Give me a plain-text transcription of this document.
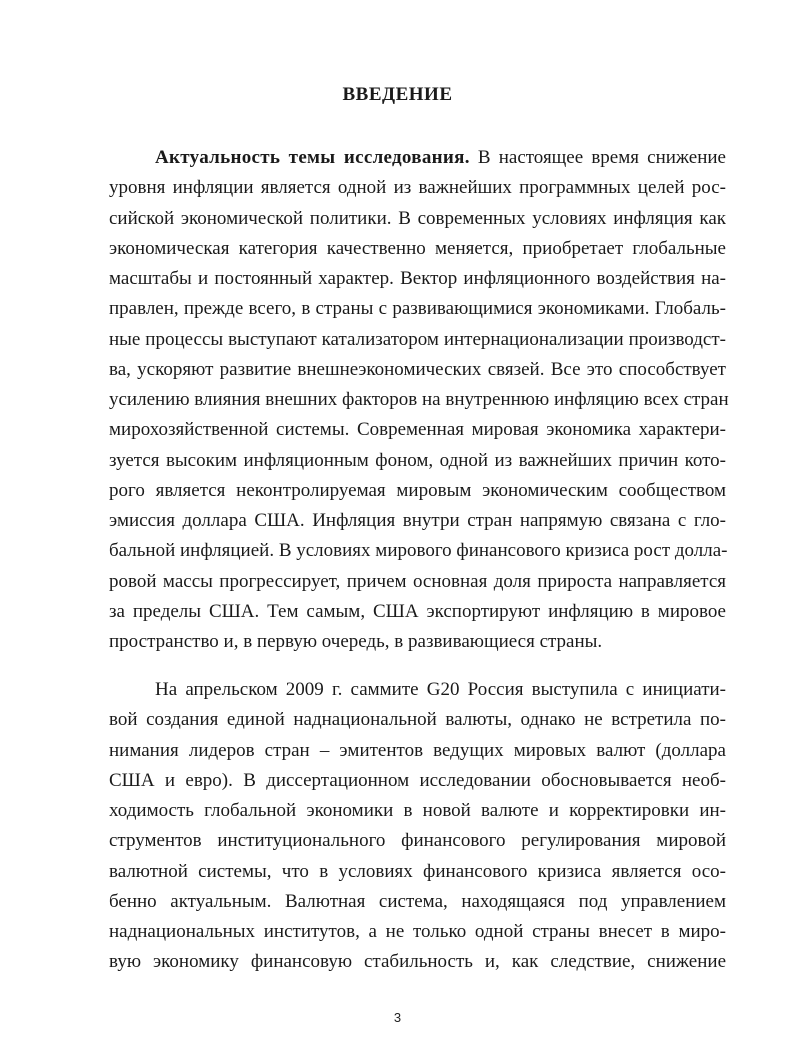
ВВЕДЕНИЕ
Актуальность темы исследования. В настоящее время снижение
уровня инфляции является одной из важнейших программных целей рос-
сийской экономической политики. В современных условиях инфляция как
экономическая категория качественно меняется, приобретает глобальные
масштабы и постоянный характер. Вектор инфляционного воздействия на-
правлен, прежде всего, в страны с развивающимися экономиками. Глобаль-
ные процессы выступают катализатором интернационализации производст-
ва, ускоряют развитие внешнеэкономических связей. Все это способствует
усилению влияния внешних факторов на внутреннюю инфляцию всех стран
мирохозяйственной системы. Современная мировая экономика характери-
зуется высоким инфляционным фоном, одной из важнейших причин кото-
рого является неконтролируемая мировым экономическим сообществом
эмиссия доллара США. Инфляция внутри стран напрямую связана с гло-
бальной инфляцией. В условиях мирового финансового кризиса рост долла-
ровой массы прогрессирует, причем основная доля прироста направляется
за пределы США. Тем самым, США экспортируют инфляцию в мировое
пространство и, в первую очередь, в развивающиеся страны.
На апрельском 2009 г. саммите G20 Россия выступила с инициати-
вой создания единой наднациональной валюты, однако не встретила по-
нимания лидеров стран – эмитентов ведущих мировых валют (доллара
США и евро). В диссертационном исследовании обосновывается необ-
ходимость глобальной экономики в новой валюте и корректировки ин-
струментов институционального финансового регулирования мировой
валютной системы, что в условиях финансового кризиса является осо-
бенно актуальным. Валютная система, находящаяся под управлением
наднациональных институтов, а не только одной страны внесет в миро-
вую экономику финансовую стабильность и, как следствие, снижение
3
